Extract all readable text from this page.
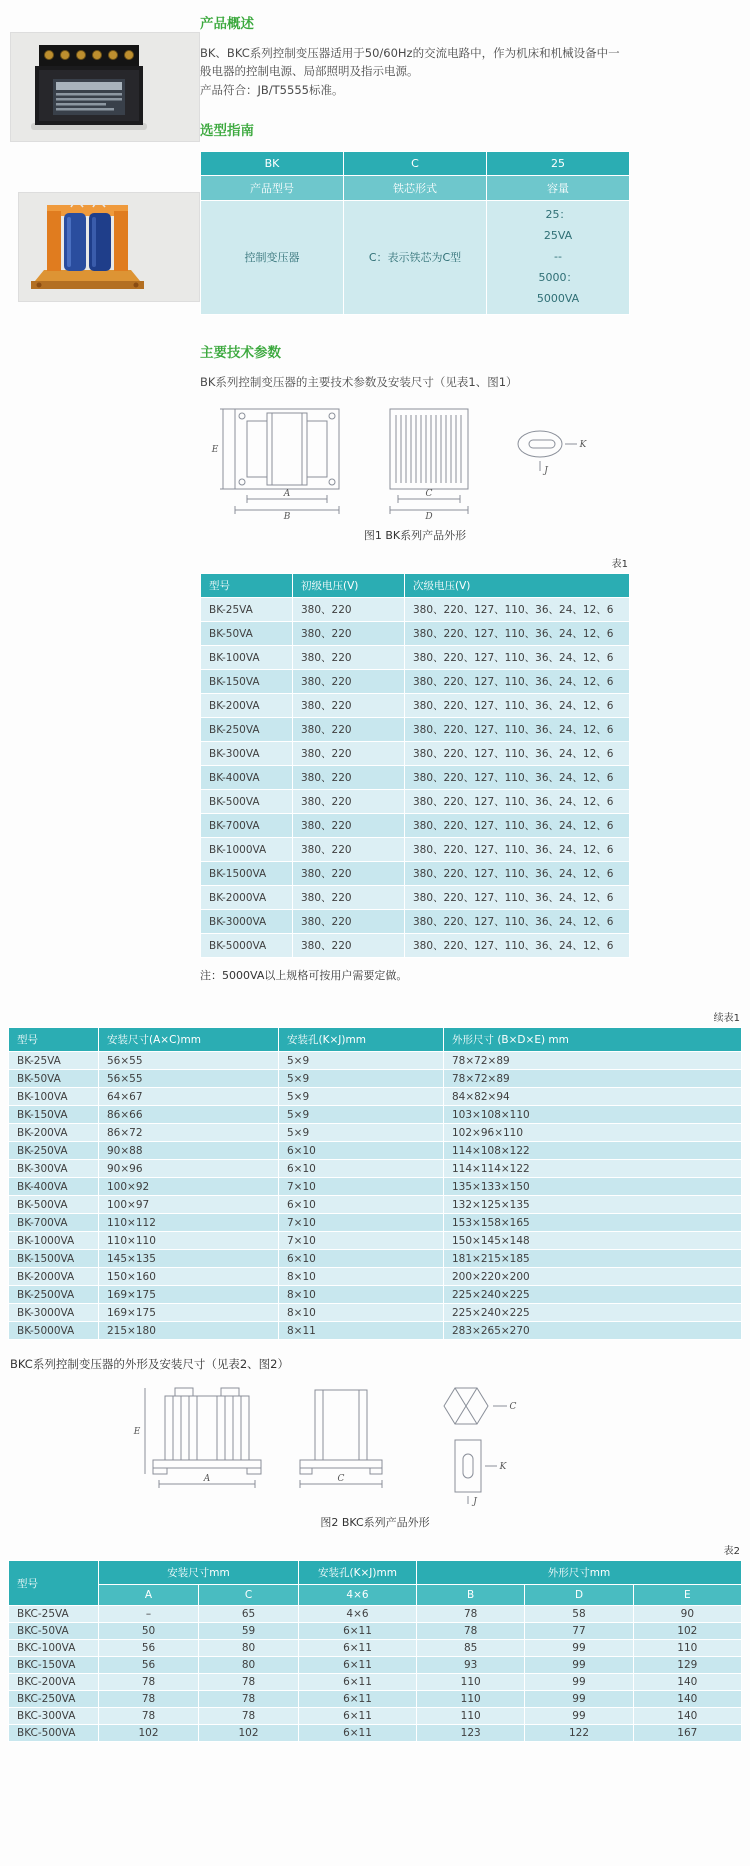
产品概述

BK、BKC系列控制变压器适用于50/60Hz的交流电路中，作为机床和机械设备中一般电器的控制电源、局部照明及指示电源。

产品符合：JB/T5555标准。

选型指南
BK	C	25
产品型号	铁芯形式	容量
控制变压器	C：表示铁芯为C型	25：
25VA
--
5000：
5000VA
主要技术参数

BK系列控制变压器的主要技术参数及安装尺寸（见表1、图1）

E
A
B
C
D
K
J
图1 BK系列产品外形
表1
型号	初级电压(V)	次级电压(V)
BK-25VA	380、220	380、220、127、110、36、24、12、6
BK-50VA	380、220	380、220、127、110、36、24、12、6
BK-100VA	380、220	380、220、127、110、36、24、12、6
BK-150VA	380、220	380、220、127、110、36、24、12、6
BK-200VA	380、220	380、220、127、110、36、24、12、6
BK-250VA	380、220	380、220、127、110、36、24、12、6
BK-300VA	380、220	380、220、127、110、36、24、12、6
BK-400VA	380、220	380、220、127、110、36、24、12、6
BK-500VA	380、220	380、220、127、110、36、24、12、6
BK-700VA	380、220	380、220、127、110、36、24、12、6
BK-1000VA	380、220	380、220、127、110、36、24、12、6
BK-1500VA	380、220	380、220、127、110、36、24、12、6
BK-2000VA	380、220	380、220、127、110、36、24、12、6
BK-3000VA	380、220	380、220、127、110、36、24、12、6
BK-5000VA	380、220	380、220、127、110、36、24、12、6

注：5000VA以上规格可按用户需要定做。

续表1
型号	安装尺寸(A×C)mm	安装孔(K×J)mm	外形尺寸 (B×D×E) mm
BK-25VA	56×55	5×9	78×72×89
BK-50VA	56×55	5×9	78×72×89
BK-100VA	64×67	5×9	84×82×94
BK-150VA	86×66	5×9	103×108×110
BK-200VA	86×72	5×9	102×96×110
BK-250VA	90×88	6×10	114×108×122
BK-300VA	90×96	6×10	114×114×122
BK-400VA	100×92	7×10	135×133×150
BK-500VA	100×97	6×10	132×125×135
BK-700VA	110×112	7×10	153×158×165
BK-1000VA	110×110	7×10	150×145×148
BK-1500VA	145×135	6×10	181×215×185
BK-2000VA	150×160	8×10	200×220×200
BK-2500VA	169×175	8×10	225×240×225
BK-3000VA	169×175	8×10	225×240×225
BK-5000VA	215×180	8×11	283×265×270

BKC系列控制变压器的外形及安装尺寸（见表2、图2）

E
A	C
C
K
J
图2 BKC系列产品外形
表2
型号	安装尺寸mm		安装孔(K×J)mm	外形尺寸mm		
	A	C	4×6	B	D	E
BKC-25VA	–	65	4×6	78	58	90
BKC-50VA	50	59	6×11	78	77	102
BKC-100VA	56	80	6×11	85	99	110
BKC-150VA	56	80	6×11	93	99	129
BKC-200VA	78	78	6×11	110	99	140
BKC-250VA	78	78	6×11	110	99	140
BKC-300VA	78	78	6×11	110	99	140
BKC-500VA	102	102	6×11	123	122	167
